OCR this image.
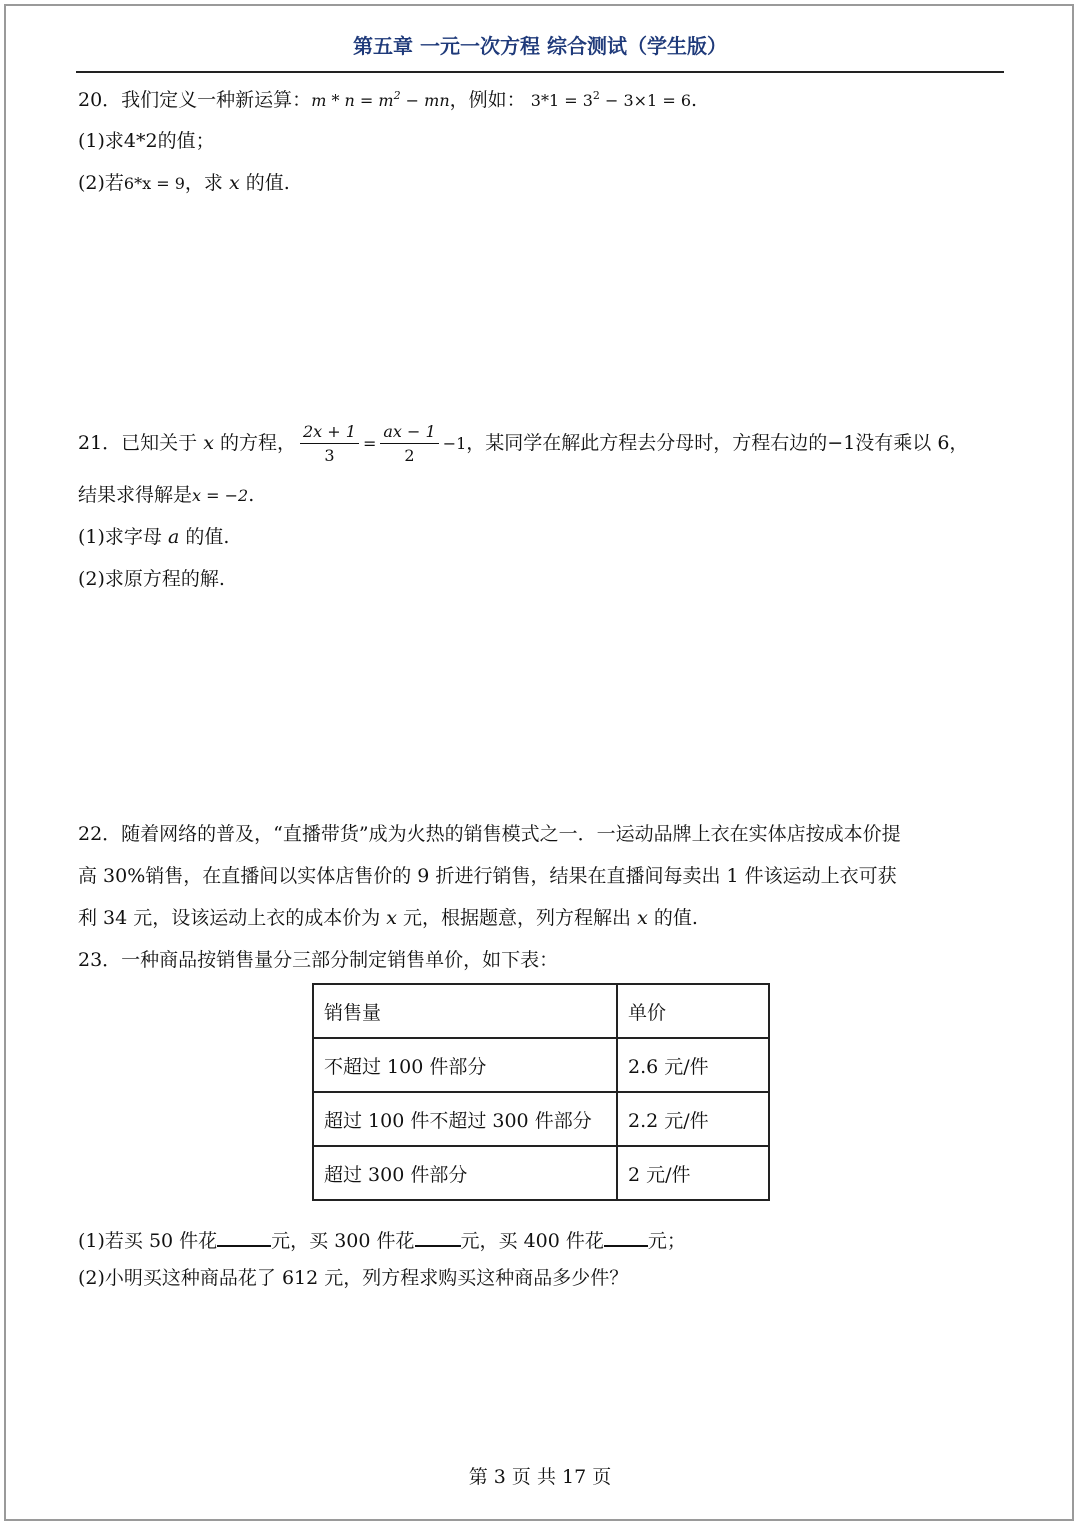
第五章 一元一次方程 综合测试（学生版）
20．我们定义一种新运算：$m * n = m^2$ − mn，例如： $3*1 = 3^2 - 3\times 1 = 6$.
(1)求4*2的值；
(2)若6*x = 9，求 x 的值.
21．已知关于 x 的方程， $\frac{2x + 1}{3} = \frac{ax - 1}{2} -1$，某同学在解此方程去分母时，方程右边的−1没有乘以 6，
结果求得解是x = −2.
(1)求字母 a 的值.
(2)求原方程的解.
22．随着网络的普及，“直播带货”成为火热的销售模式之一．一运动品牌上衣在实体店按成本价提
高 30%销售，在直播间以实体店售价的 9 折进行销售，结果在直播间每卖出 1 件该运动上衣可获
利 34 元，设该运动上衣的成本价为 x 元，根据题意，列方程解出 x 的值.
23．一种商品按销售量分三部分制定销售单价，如下表：
销售量	单价
不超过 100 件部分	2.6 元/件
超过 100 件不超过 300 件部分	2.2 元/件
超过 300 件部分	2 元/件
(1)若买 50 件花	元，买 300 件花 元，买 400 件花 元；
(2)小明买这种商品花了 612 元，列方程求购买这种商品多少件？
第 3 页 共 17 页
